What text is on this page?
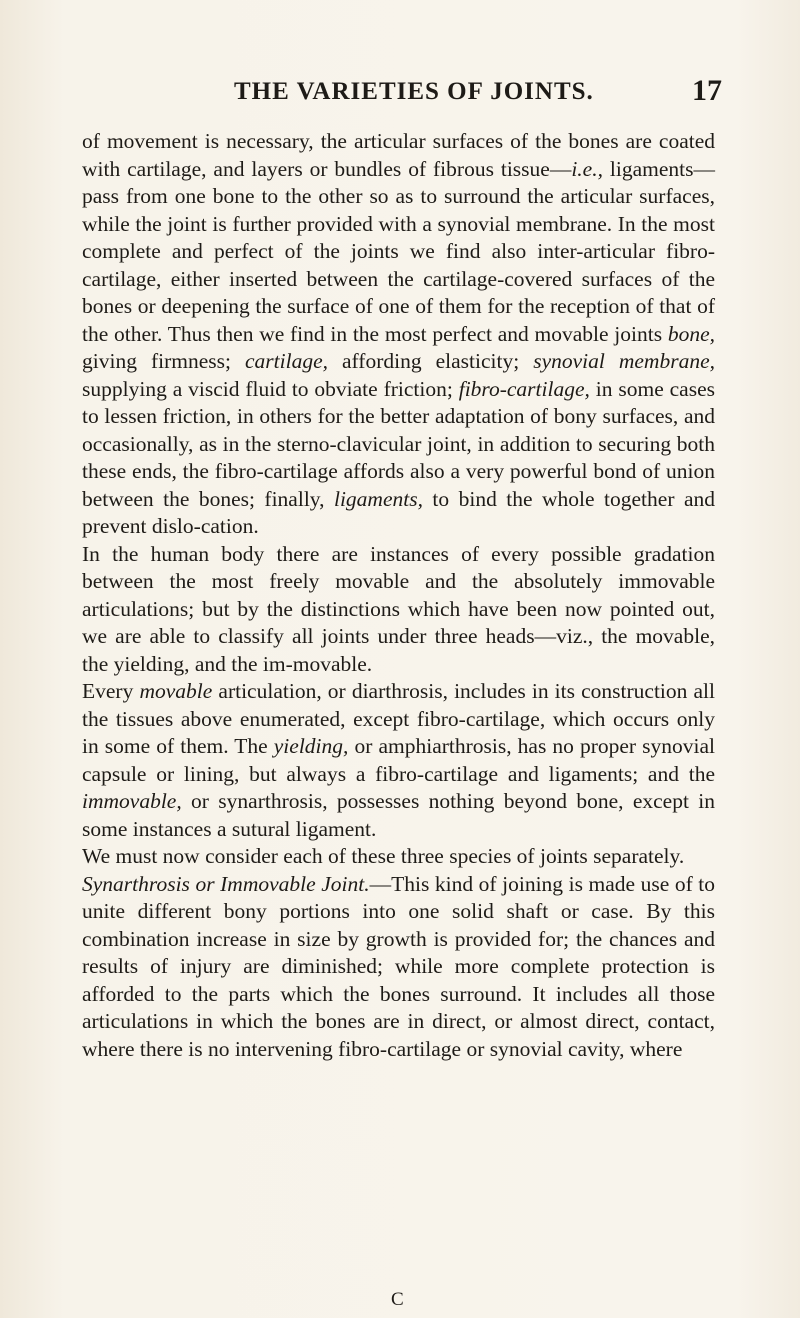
THE VARIETIES OF JOINTS.	17

of movement is necessary, the articular surfaces of the bones are coated with cartilage, and layers or bundles of fibrous tissue—i.e., ligaments—pass from one bone to the other so as to surround the articular surfaces, while the joint is further provided with a synovial membrane. In the most complete and perfect of the joints we find also inter-articular fibro-cartilage, either inserted between the cartilage-covered surfaces of the bones or deepening the surface of one of them for the reception of that of the other. Thus then we find in the most perfect and movable joints bone, giving firmness; cartilage, affording elasticity; synovial membrane, supplying a viscid fluid to obviate friction; fibro-cartilage, in some cases to lessen friction, in others for the better adaptation of bony surfaces, and occasionally, as in the sterno-clavicular joint, in addition to securing both these ends, the fibro-cartilage affords also a very powerful bond of union between the bones; finally, ligaments, to bind the whole together and prevent dislo-cation.

In the human body there are instances of every possible gradation between the most freely movable and the absolutely immovable articulations; but by the distinctions which have been now pointed out, we are able to classify all joints under three heads—viz., the movable, the yielding, and the im-movable.

Every movable articulation, or diarthrosis, includes in its construction all the tissues above enumerated, except fibro-cartilage, which occurs only in some of them. The yielding, or amphiarthrosis, has no proper synovial capsule or lining, but always a fibro-cartilage and ligaments; and the immovable, or synarthrosis, possesses nothing beyond bone, except in some instances a sutural ligament.

We must now consider each of these three species of joints separately.

Synarthrosis or Immovable Joint.—This kind of joining is made use of to unite different bony portions into one solid shaft or case. By this combination increase in size by growth is provided for; the chances and results of injury are diminished; while more complete protection is afforded to the parts which the bones surround. It includes all those articulations in which the bones are in direct, or almost direct, contact, where there is no intervening fibro-cartilage or synovial cavity, where

C
